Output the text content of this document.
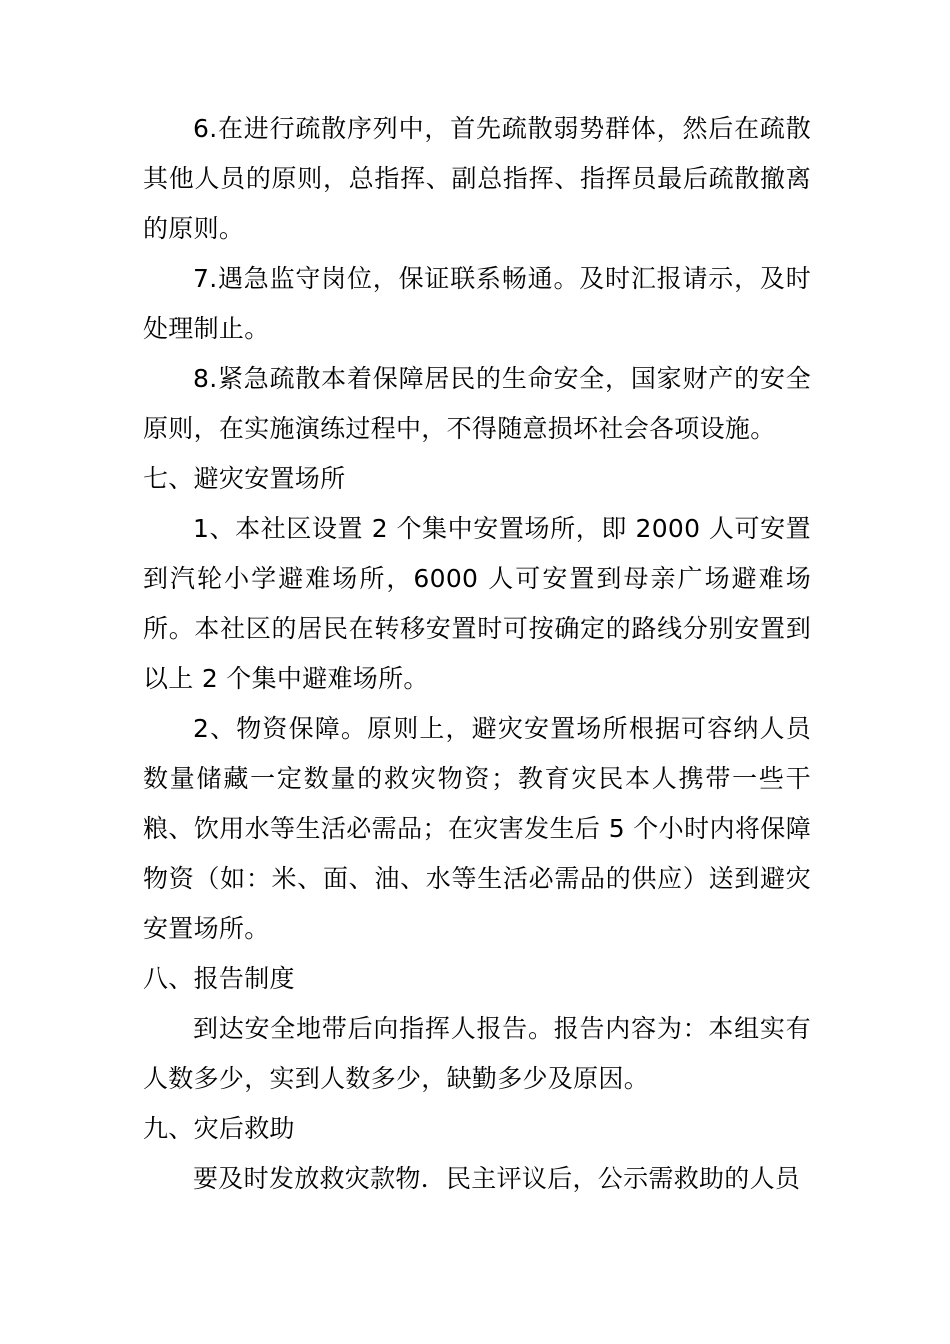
6.在进行疏散序列中，首先疏散弱势群体，然后在疏散其他人员的原则，总指挥、副总指挥、指挥员最后疏散撤离的原则。

7.遇急监守岗位，保证联系畅通。及时汇报请示，及时处理制止。

8.紧急疏散本着保障居民的生命安全，国家财产的安全原则，在实施演练过程中，不得随意损坏社会各项设施。

七、避灾安置场所

1、本社区设置 2 个集中安置场所，即 2000 人可安置到汽轮小学避难场所，6000 人可安置到母亲广场避难场所。本社区的居民在转移安置时可按确定的路线分别安置到以上 2 个集中避难场所。

2、物资保障。原则上，避灾安置场所根据可容纳人员数量储藏一定数量的救灾物资；教育灾民本人携带一些干粮、饮用水等生活必需品；在灾害发生后 5 个小时内将保障物资（如：米、面、油、水等生活必需品的供应）送到避灾安置场所。

八、报告制度

到达安全地带后向指挥人报告。报告内容为：本组实有人数多少，实到人数多少，缺勤多少及原因。

九、灾后救助

要及时发放救灾款物．民主评议后，公示需救助的人员
